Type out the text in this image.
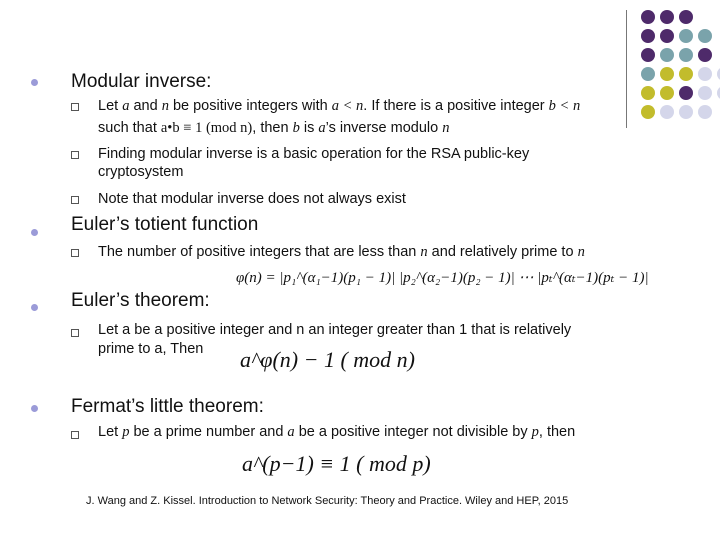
Modular inverse:
Let a and n be positive integers with a < n. If there is a positive integer b < n
such that a•b ≡ 1 (mod n), then b is a’s inverse modulo n
Finding modular inverse is a basic operation for the RSA public-key
cryptosystem
Note that modular inverse does not always exist
Euler’s totient function
The number of positive integers that are less than n and relatively prime to n
φ(n) = |p₁^(α₁−1)(p₁ − 1)| |p₂^(α₂−1)(p₂ − 1)| ⋯ |pₜ^(αₜ−1)(pₜ − 1)|
Euler’s theorem:
Let a be a positive integer and n an integer greater than 1 that is relatively
prime to a, Then a^φ(n) − 1 ( mod n)
Fermat’s little theorem:
Let p be a prime number and a be a positive integer not divisible by p, then
a^(p−1) ≡ 1 ( mod p)
J. Wang and Z. Kissel. Introduction to Network Security: Theory and Practice. Wiley and HEP, 2015
